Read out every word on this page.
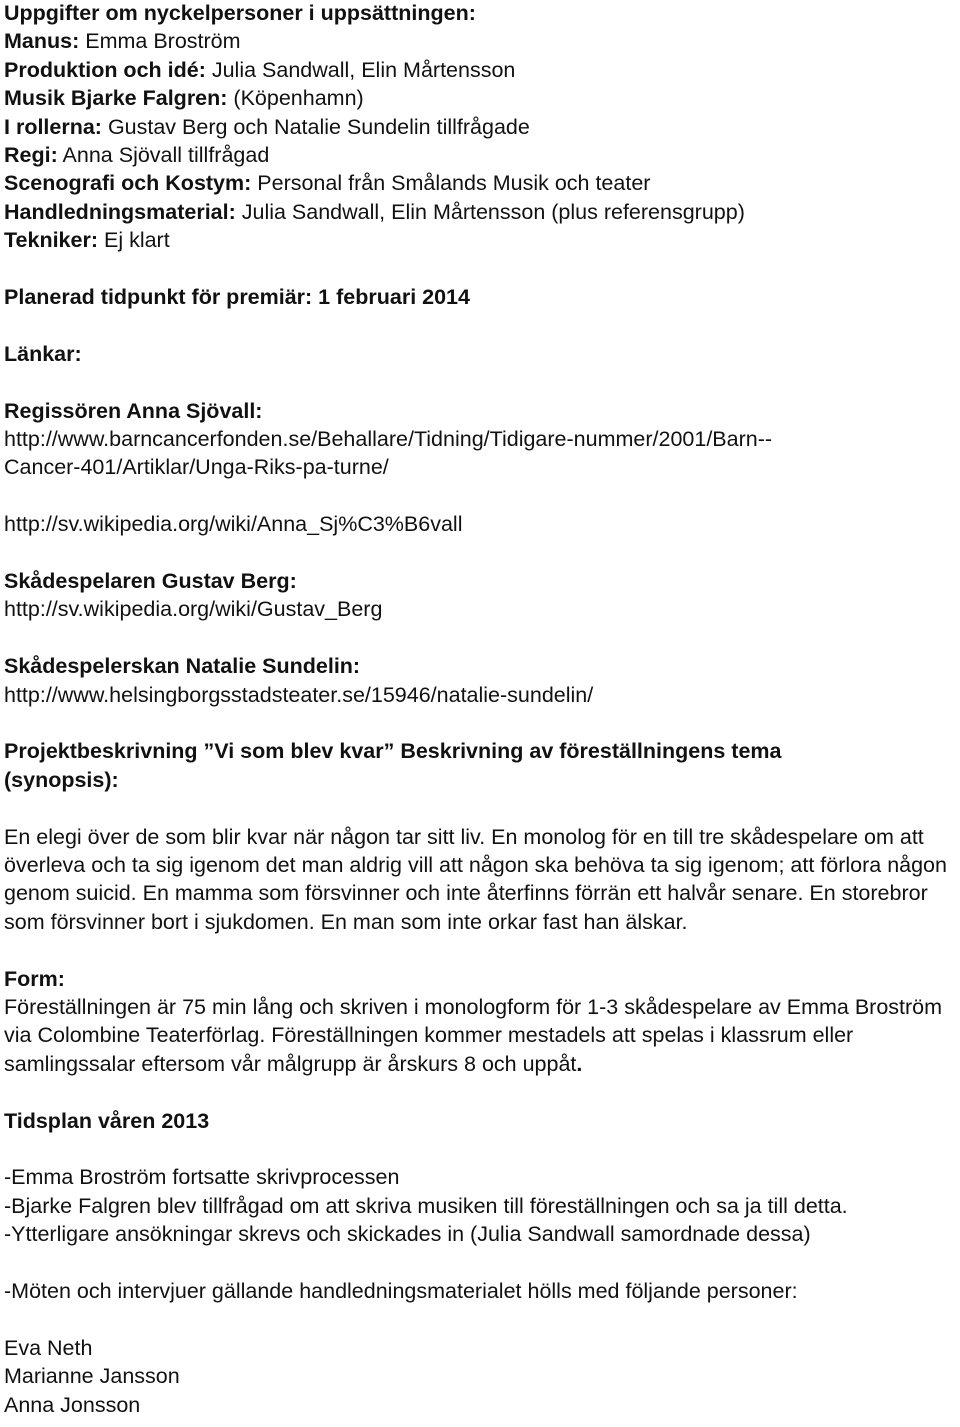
Uppgifter om nyckelpersoner i uppsättningen:
Manus: Emma Broström
Produktion och idé: Julia Sandwall, Elin Mårtensson
Musik Bjarke Falgren: (Köpenhamn)
I rollerna: Gustav Berg och Natalie Sundelin tillfrågade
Regi: Anna Sjövall tillfrågad
Scenografi och Kostym: Personal från Smålands Musik och teater
Handledningsmaterial: Julia Sandwall, Elin Mårtensson (plus referensgrupp)
Tekniker: Ej klart
Planerad tidpunkt för premiär: 1 februari 2014
Länkar:
Regissören Anna Sjövall:
http://www.barncancerfonden.se/Behallare/Tidning/Tidigare-nummer/2001/Barn--
Cancer-401/Artiklar/Unga-Riks-pa-turne/
http://sv.wikipedia.org/wiki/Anna_Sj%C3%B6vall
Skådespelaren Gustav Berg:
http://sv.wikipedia.org/wiki/Gustav_Berg
Skådespelerskan Natalie Sundelin:
http://www.helsingborgsstadsteater.se/15946/natalie-sundelin/
Projektbeskrivning ”Vi som blev kvar” Beskrivning av föreställningens tema
(synopsis):

En elegi över de som blir kvar när någon tar sitt liv. En monolog för en till tre skådespelare om att överleva och ta sig igenom det man aldrig vill att någon ska behöva ta sig igenom; att förlora någon genom suicid. En mamma som försvinner och inte återfinns förrän ett halvår senare. En storebror som försvinner bort i sjukdomen. En man som inte orkar fast han älskar.

Form:

Föreställningen är 75 min lång och skriven i monologform för 1-3 skådespelare av Emma Broström via Colombine Teaterförlag. Föreställningen kommer mestadels att spelas i klassrum eller samlingssalar eftersom vår målgrupp är årskurs 8 och uppåt.

Tidsplan våren 2013
-Emma Broström fortsatte skrivprocessen
-Bjarke Falgren blev tillfrågad om att skriva musiken till föreställningen och sa ja till detta.
-Ytterligare ansökningar skrevs och skickades in (Julia Sandwall samordnade dessa)
-Möten och intervjuer gällande handledningsmaterialet hölls med följande personer:
Eva Neth
Marianne Jansson
Anna Jonsson
